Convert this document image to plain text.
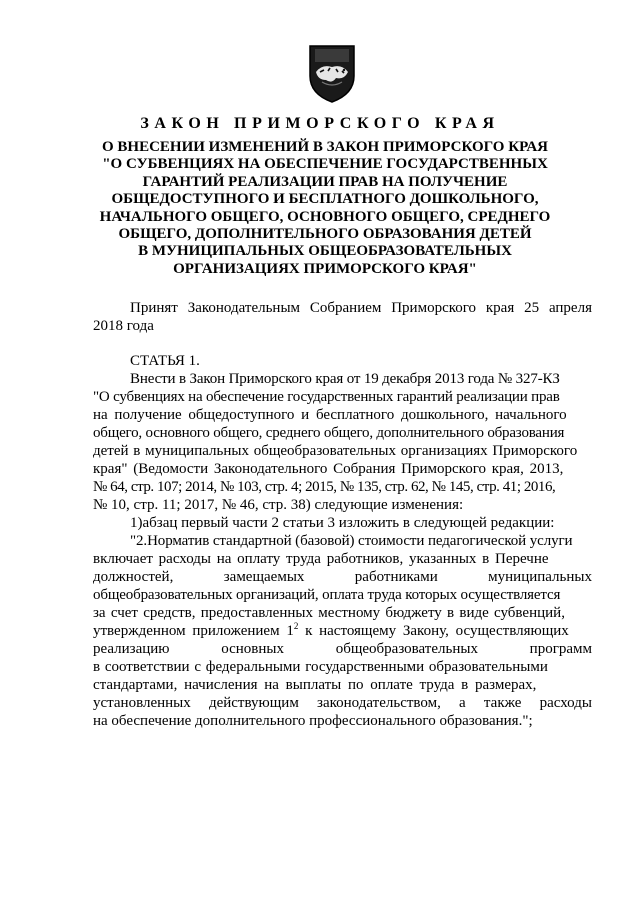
ЗАКОН ПРИМОРСКОГО КРАЯ
О ВНЕСЕНИИ ИЗМЕНЕНИЙ В ЗАКОН ПРИМОРСКОГО КРАЯ
"О СУБВЕНЦИЯХ НА ОБЕСПЕЧЕНИЕ ГОСУДАРСТВЕННЫХ
ГАРАНТИЙ РЕАЛИЗАЦИИ ПРАВ НА ПОЛУЧЕНИЕ
ОБЩЕДОСТУПНОГО И БЕСПЛАТНОГО ДОШКОЛЬНОГО,
НАЧАЛЬНОГО ОБЩЕГО, ОСНОВНОГО ОБЩЕГО, СРЕДНЕГО
ОБЩЕГО, ДОПОЛНИТЕЛЬНОГО ОБРАЗОВАНИЯ ДЕТЕЙ
В МУНИЦИПАЛЬНЫХ ОБЩЕОБРАЗОВАТЕЛЬНЫХ
ОРГАНИЗАЦИЯХ ПРИМОРСКОГО КРАЯ"
Принят Законодательным Собранием Приморского края 25 апреля
2018 года
СТАТЬЯ 1.
Внести в Закон Приморского края от 19 декабря 2013 года № 327-КЗ
"О субвенциях на обеспечение государственных гарантий реализации прав
на получение общедоступного и бесплатного дошкольного, начального
общего, основного общего, среднего общего, дополнительного образования
детей в муниципальных общеобразовательных организациях Приморского
края" (Ведомости Законодательного Собрания Приморского края, 2013,
№ 64, стр. 107; 2014, № 103, стр. 4; 2015, № 135, стр. 62, № 145, стр. 41; 2016,
№ 10, стр. 11; 2017, № 46, стр. 38) следующие изменения:
1)абзац первый части 2 статьи 3 изложить в следующей редакции:
"2.Норматив стандартной (базовой) стоимости педагогической услуги
включает расходы на оплату труда работников, указанных в Перечне
должностей,	замещаемых	работниками	муниципальных
общеобразовательных организаций, оплата труда которых осуществляется
за счет средств, предоставленных местному бюджету в виде субвенций,
утвержденном приложением $1^2$ к настоящему Закону, осуществляющих
реализацию	основных	общеобразовательных	программ
в соответствии с федеральными государственными образовательными
стандартами, начисления на выплаты по оплате труда в размерах,
установленных действующим законодательством, а также расходы
на обеспечение дополнительного профессионального образования.";
